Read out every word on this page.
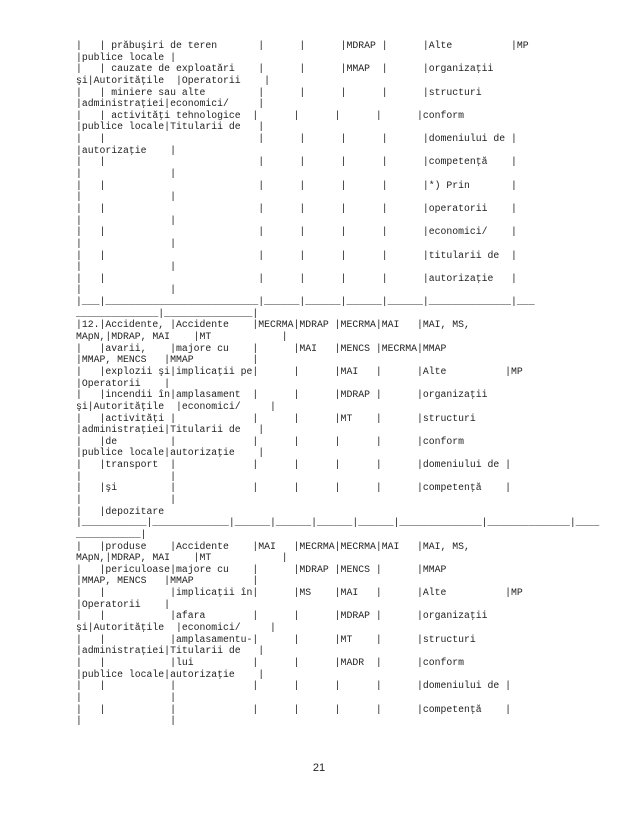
|   | prăbuşiri de teren       |      |      |MDRAP |      |Alte          |MP
|publice locale |
|   | cauzate de exploatări    |      |      |MMAP  |      |organizaţii
şi|Autorităţile  |Operatorii    |
|   | miniere sau alte         |      |      |      |      |structuri
|administraţiei|economici/     |
|   | activităţi tehnologice  |      |      |      |      |conform
|publice locale|Titularii de   |
|   |                          |      |      |      |      |domeniului de |
|autorizaţie    |
|   |                          |      |      |      |      |competenţă    |
|               |
|   |                          |      |      |      |      |*) Prin       |
|               |
|   |                          |      |      |      |      |operatorii    |
|               |
|   |                          |      |      |      |      |economici/    |
|               |
|   |                          |      |      |      |      |titularii de  |
|               |
|   |                          |      |      |      |      |autorizaţie   |
|               |
|___|__________________________|______|______|______|______|______________|___
______________|_______________|
|12.|Accidente, |Accidente    |MECRMA|MDRAP |MECRMA|MAI   |MAI, MS,
MApN,|MDRAP, MAI    |MT            |
|   |avarii,    |majore cu    |      |MAI   |MENCS |MECRMA|MMAP
|MMAP, MENCS   |MMAP          |
|   |explozii şi|implicaţii pe|      |      |MAI   |      |Alte          |MP
|Operatorii    |
|   |incendii în|amplasament  |      |      |MDRAP |      |organizaţii
şi|Autorităţile  |economici/     |
|   |activităţi |             |      |      |MT    |      |structuri
|administraţiei|Titularii de   |
|   |de         |             |      |      |      |      |conform
|publice locale|autorizaţie    |
|   |transport  |             |      |      |      |      |domeniului de |
|               |
|   |şi         |             |      |      |      |      |competenţă    |
|               |
|   |depozitare
|___________|_____________|______|______|______|______|______________|______________|____
___________|
|   |produse    |Accidente    |MAI   |MECRMA|MECRMA|MAI   |MAI, MS,
MApN,|MDRAP, MAI    |MT            |
|   |periculoase|majore cu    |      |MDRAP |MENCS |      |MMAP
|MMAP, MENCS   |MMAP          |
|   |           |implicaţii în|      |MS    |MAI   |      |Alte          |MP
|Operatorii    |
|   |           |afara        |      |      |MDRAP |      |organizaţii
şi|Autorităţile  |economici/     |
|   |           |amplasamentu-|      |      |MT    |      |structuri
|administraţiei|Titularii de   |
|   |           |lui          |      |      |MADR  |      |conform
|publice locale|autorizaţie    |
|   |           |             |      |      |      |      |domeniului de |
|               |
|   |           |             |      |      |      |      |competenţă    |
|               |
21
